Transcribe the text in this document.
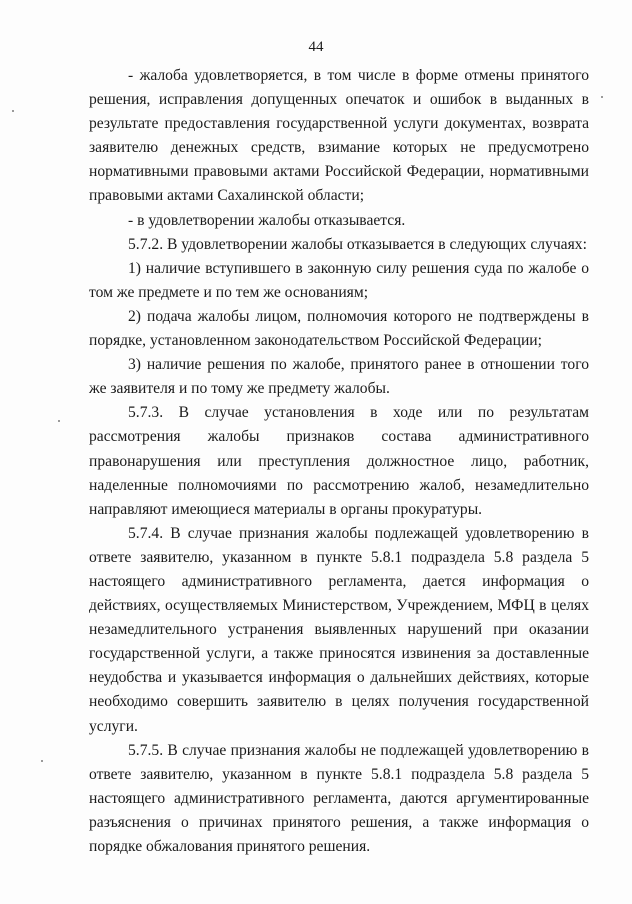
44

- жалоба удовлетворяется, в том числе в форме отмены принятого решения, исправления допущенных опечаток и ошибок в выданных в результате предоставления государственной услуги документах, возврата заявителю денежных средств, взимание которых не предусмотрено нормативными правовыми актами Российской Федерации, нормативными правовыми актами Сахалинской области;

- в удовлетворении жалобы отказывается.

5.7.2. В удовлетворении жалобы отказывается в следующих случаях:

1) наличие вступившего в законную силу решения суда по жалобе о том же предмете и по тем же основаниям;

2) подача жалобы лицом, полномочия которого не подтверждены в порядке, установленном законодательством Российской Федерации;

3) наличие решения по жалобе, принятого ранее в отношении того же заявителя и по тому же предмету жалобы.

5.7.3. В случае установления в ходе или по результатам рассмотрения жалобы признаков состава административного правонарушения или преступления должностное лицо, работник, наделенные полномочиями по рассмотрению жалоб, незамедлительно направляют имеющиеся материалы в органы прокуратуры.

5.7.4. В случае признания жалобы подлежащей удовлетворению в ответе заявителю, указанном в пункте 5.8.1 подраздела 5.8 раздела 5 настоящего административного регламента, дается информация о действиях, осуществляемых Министерством, Учреждением, МФЦ в целях незамедлительного устранения выявленных нарушений при оказании государственной услуги, а также приносятся извинения за доставленные неудобства и указывается информация о дальнейших действиях, которые необходимо совершить заявителю в целях получения государственной услуги.

5.7.5. В случае признания жалобы не подлежащей удовлетворению в ответе заявителю, указанном в пункте 5.8.1 подраздела 5.8 раздела 5 настоящего административного регламента, даются аргументированные разъяснения о причинах принятого решения, а также информация о порядке обжалования принятого решения.
